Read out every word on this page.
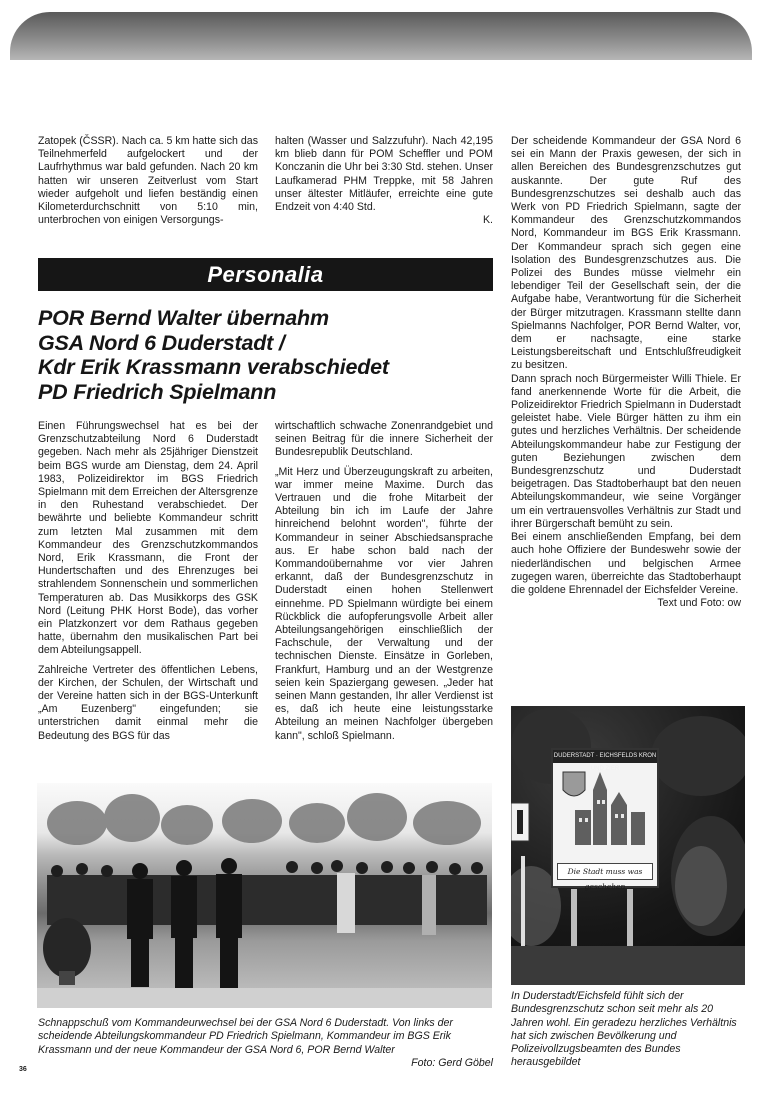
Zatopek (ČSSR). Nach ca. 5 km hatte sich das Teilnehmerfeld aufgelockert und der Laufrhythmus war bald gefunden. Nach 20 km hatten wir unseren Zeitverlust vom Start wieder aufgeholt und liefen beständig einen Kilometerdurchschnitt von 5:10 min, unterbrochen von einigen Versorgungs-

halten (Wasser und Salzzufuhr). Nach 42,195 km blieb dann für POM Scheffler und POM Konczanin die Uhr bei 3:30 Std. stehen. Unser Laufkamerad PHM Treppke, mit 58 Jahren unser ältester Mitläufer, erreichte eine gute Endzeit von 4:40 Std.

K.
Personalia
POR Bernd Walter übernahm
GSA Nord 6 Duderstadt /
Kdr Erik Krassmann verabschiedet
PD Friedrich Spielmann

Einen Führungswechsel hat es bei der Grenzschutzabteilung Nord 6 Duderstadt gegeben. Nach mehr als 25jähriger Dienstzeit beim BGS wurde am Dienstag, dem 24. April 1983, Polizeidirektor im BGS Friedrich Spielmann mit dem Erreichen der Altersgrenze in den Ruhestand verabschiedet. Der bewährte und beliebte Kommandeur schritt zum letzten Mal zusammen mit dem Kommandeur des Grenzschutzkommandos Nord, Erik Krassmann, die Front der Hundertschaften und des Ehrenzuges bei strahlendem Sonnenschein und sommerlichen Temperaturen ab. Das Musikkorps des GSK Nord (Leitung PHK Horst Bode), das vorher ein Platzkonzert vor dem Rathaus gegeben hatte, übernahm den musikalischen Part bei dem Abteilungsappell.

Zahlreiche Vertreter des öffentlichen Lebens, der Kirchen, der Schulen, der Wirtschaft und der Vereine hatten sich in der BGS-Unterkunft „Am Euzenberg" eingefunden; sie unterstrichen damit einmal mehr die Bedeutung des BGS für das

wirtschaftlich schwache Zonenrandgebiet und seinen Beitrag für die innere Sicherheit der Bundesrepublik Deutschland.

„Mit Herz und Überzeugungskraft zu arbeiten, war immer meine Maxime. Durch das Vertrauen und die frohe Mitarbeit der Abteilung bin ich im Laufe der Jahre hinreichend belohnt worden", führte der Kommandeur in seiner Abschiedsansprache aus. Er habe schon bald nach der Kommandoübernahme vor vier Jahren erkannt, daß der Bundesgrenzschutz in Duderstadt einen hohen Stellenwert einnehme. PD Spielmann würdigte bei einem Rückblick die aufopferungsvolle Arbeit aller Abteilungsangehörigen einschließlich der Fachschule, der Verwaltung und der technischen Dienste. Einsätze in Gorleben, Frankfurt, Hamburg und an der Westgrenze seien kein Spaziergang gewesen. „Jeder hat seinen Mann gestanden, Ihr aller Verdienst ist es, daß ich heute eine leistungsstarke Abteilung an meinen Nachfolger übergeben kann", schloß Spielmann.

Der scheidende Kommandeur der GSA Nord 6 sei ein Mann der Praxis gewesen, der sich in allen Bereichen des Bundesgrenzschutzes gut auskannte. Der gute Ruf des Bundesgrenzschutzes sei deshalb auch das Werk von PD Friedrich Spielmann, sagte der Kommandeur des Grenzschutzkommandos Nord, Kommandeur im BGS Erik Krassmann. Der Kommandeur sprach sich gegen eine Isolation des Bundesgrenzschutzes aus. Die Polizei des Bundes müsse vielmehr ein lebendiger Teil der Gesellschaft sein, der die Aufgabe habe, Verantwortung für die Sicherheit der Bürger mitzutragen. Krassmann stellte dann Spielmanns Nachfolger, POR Bernd Walter, vor, dem er nachsagte, eine starke Leistungsbereitschaft und Entschlußfreudigkeit zu besitzen.

Dann sprach noch Bürgermeister Willi Thiele. Er fand anerkennende Worte für die Arbeit, die Polizeidirektor Friedrich Spielmann in Duderstadt geleistet habe. Viele Bürger hätten zu ihm ein gutes und herzliches Verhältnis. Der scheidende Abteilungskommandeur habe zur Festigung der guten Beziehungen zwischen dem Bundesgrenzschutz und Duderstadt beigetragen. Das Stadtoberhaupt bat den neuen Abteilungskommandeur, wie seine Vorgänger um ein vertrauensvolles Verhältnis zur Stadt und ihrer Bürgerschaft bemüht zu sein.

Bei einem anschließenden Empfang, bei dem auch hohe Offiziere der Bundeswehr sowie der niederländischen und belgischen Armee zugegen waren, überreichte das Stadtoberhaupt die goldene Ehrennadel der Eichsfelder Vereine.

Text und Foto: ow
DUDERSTADT · EICHSFELDS KRON UND ZIER
Die Stadt muss was geschehen
Schnappschuß vom Kommandeurwechsel bei der GSA Nord 6 Duderstadt. Von links der scheidende Abteilungskommandeur PD Friedrich Spielmann, Kommandeur im BGS Erik Krassmann und der neue Kommandeur der GSA Nord 6, POR Bernd Walter
Foto: Gerd Göbel
In Duderstadt/Eichsfeld fühlt sich der Bundesgrenzschutz schon seit mehr als 20 Jahren wohl. Ein geradezu herzliches Verhältnis hat sich zwischen Bevölkerung und Polizeivollzugsbeamten des Bundes herausgebildet
36
